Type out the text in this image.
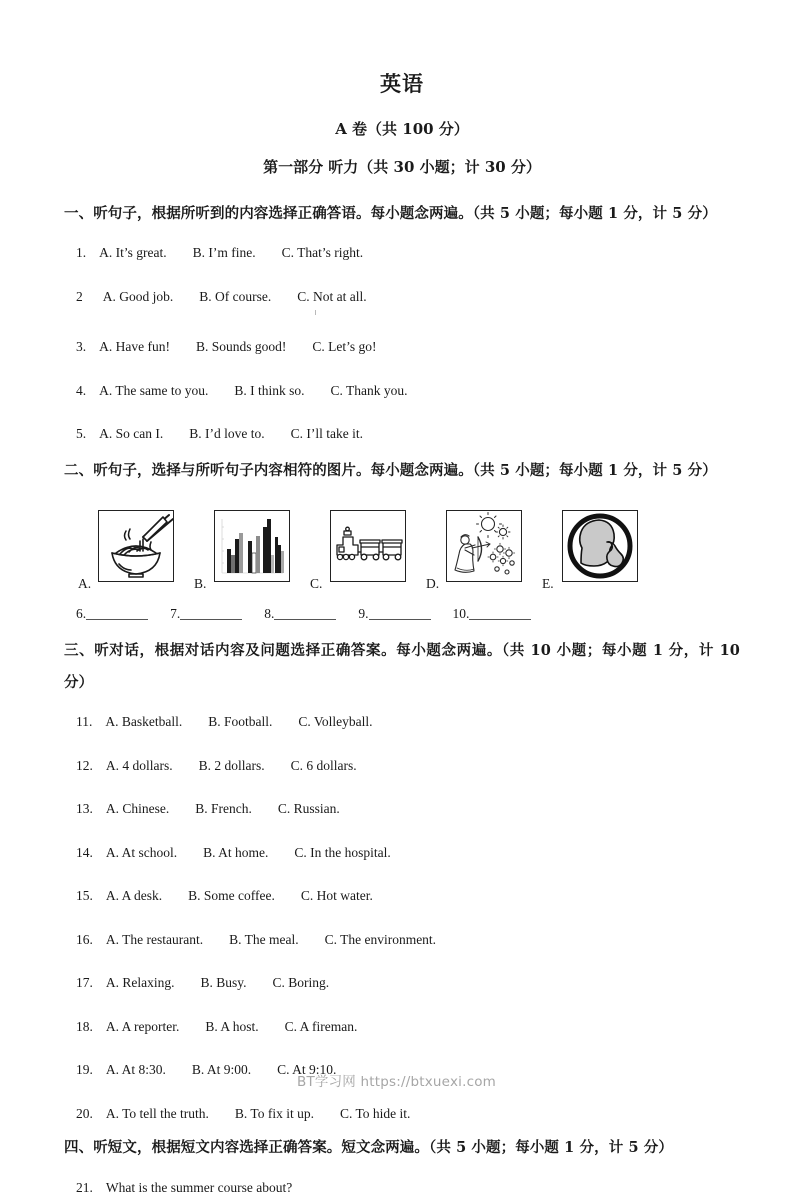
英语
A 卷（共 100 分）
第一部分 听力（共 30 小题；计 30 分）
一、听句子，根据所听到的内容选择正确答语。每小题念两遍。（共 5 小题；每小题 1 分，计 5 分）
1. A. It’s great. B. I’m fine. C. That’s right.
2 A. Good job. B. Of course. C. Not at all.
3. A. Have fun! B. Sounds good! C. Let’s go!
4. A. The same to you. B. I think so. C. Thank you.
5. A. So can I. B. I’d love to. C. I’ll take it.
二、听句子，选择与所听句子内容相符的图片。每小题念两遍。（共 5 小题；每小题 1 分，计 5 分）
A.	B.	C.	D.	E.
6.	7.	8.	9.	10.
三、听对话，根据对话内容及问题选择正确答案。每小题念两遍。（共 10 小题；每小题 1 分，计 10 分）
11. A. Basketball. B. Football. C. Volleyball.
12. A. 4 dollars. B. 2 dollars. C. 6 dollars.
13. A. Chinese. B. French. C. Russian.
14. A. At school. B. At home. C. In the hospital.
15. A. A desk. B. Some coffee. C. Hot water.
16. A. The restaurant. B. The meal. C. The environment.
17. A. Relaxing. B. Busy. C. Boring.
18. A. A reporter. B. A host. C. A fireman.
19. A. At 8:30. B. At 9:00. C. At 9:10.
20. A. To tell the truth. B. To fix it up. C. To hide it.
四、听短文，根据短文内容选择正确答案。短文念两遍。（共 5 小题；每小题 1 分，计 5 分）
21. What is the summer course about?
BT学习网 https://btxuexi.com
